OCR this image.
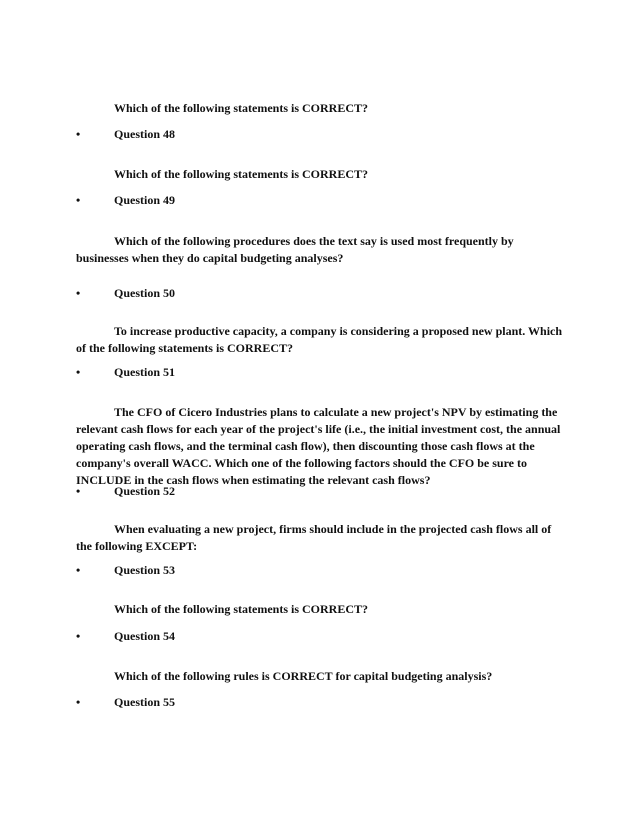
Which of the following statements is CORRECT?

•	Question 48

Which of the following statements is CORRECT?

•	Question 49

Which of the following procedures does the text say is used most frequently by businesses when they do capital budgeting analyses?

•	Question 50

To increase productive capacity, a company is considering a proposed new plant. Which of the following statements is CORRECT?

•	Question 51

The CFO of Cicero Industries plans to calculate a new project's NPV by estimating the relevant cash flows for each year of the project's life (i.e., the initial investment cost, the annual operating cash flows, and the terminal cash flow), then discounting those cash flows at the company's overall WACC. Which one of the following factors should the CFO be sure to INCLUDE in the cash flows when estimating the relevant cash flows?

•	Question 52

When evaluating a new project, firms should include in the projected cash flows all of the following EXCEPT:

•	Question 53

Which of the following statements is CORRECT?

•	Question 54

Which of the following rules is CORRECT for capital budgeting analysis?

•	Question 55
